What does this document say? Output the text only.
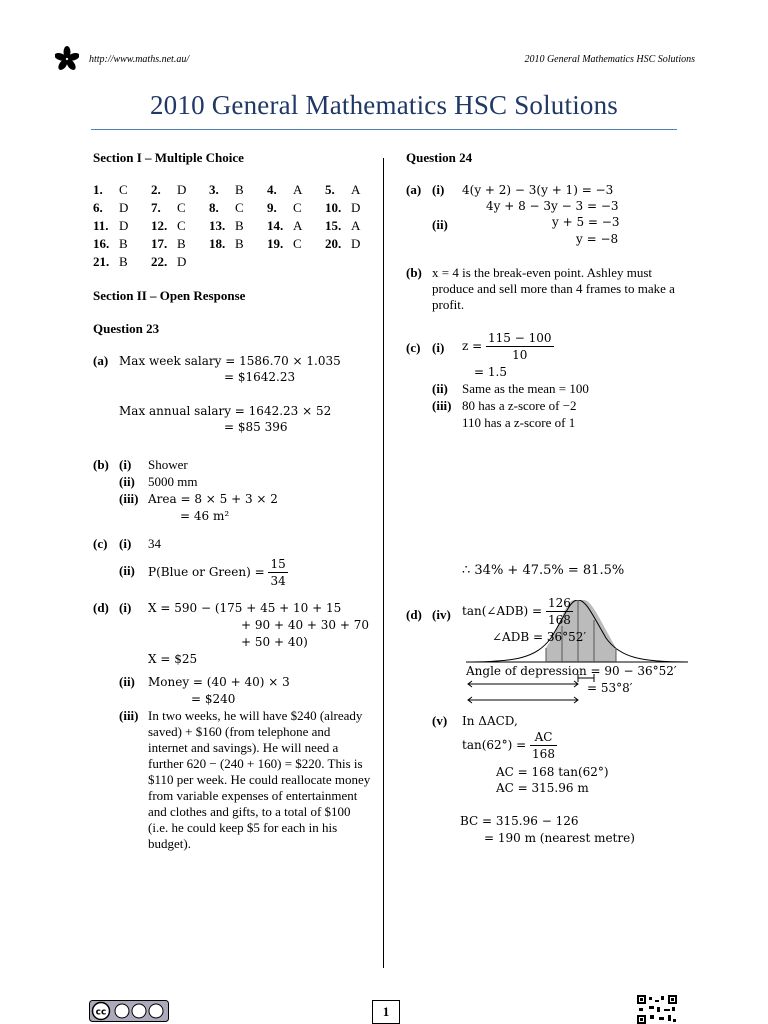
http://www.maths.net.au/	2010 General Mathematics HSC Solutions
2010 General Mathematics HSC Solutions

Section I – Multiple Choice

1. C	2. D	3. B	4. A	5. A
6. D	7. C	8. C	9. C	10. D
11. D	12. C	13. B	14. A	15. A
16. B	17. B	18. B	19. C	20. D
21. B	22. D

Section II – Open Response

Question 23

(a) Max week salary = 1586.70 × 1.035
= $1642.23
Max annual salary = 1642.23 × 52
= $85 396
(b) (i) Shower
(ii) 5000 mm
(iii) Area = 8 × 5 + 3 × 2
= 46 m²
(c) (i) 34
(ii) P(Blue or Green) = $\frac{15}{34}$
(d) (i) X = 590 − (175 + 45 + 10 + 15
+ 90 + 40 + 30 + 70
+ 50 + 40)
X = $25
(ii) Money = (40 + 40) × 3
= $240
(iii) In two weeks, he will have $240 (already saved) + $160 (from telephone and internet and savings). He will need a further 620 − (240 + 160) = $220. This is $110 per week. He could reallocate money from variable expenses of entertainment and clothes and gifts, to a total of $100 (i.e. he could keep $5 for each in his budget).

Question 24

(a) (i) 4(y + 2) − 3(y + 1) = −3
4y + 8 − 3y − 3 = −3
(ii)	y + 5 = −3
y = −8
(b) x = 4 is the break-even point. Ashley must produce and sell more than 4 frames to make a profit.
(c) (i) $z = \frac{115 - 100}{10}$
= 1.5
(ii) Same as the mean = 100
(iii) 80 has a z-score of −2
110 has a z-score of 1
∴ 34% + 47.5% = 81.5%
(d) (iv) tan(∠ADB) = $\frac{126}{168}$
∠ADB = 36°52′
Angle of depression = 90 − 36°52′
= 53°8′
(v) In ΔACD,
$\tan(62^\circ) = \frac{AC}{168}$
AC = 168 tan(62°)
AC = 315.96 m
BC = 315.96 − 126
= 190 m (nearest metre)
cc	1
